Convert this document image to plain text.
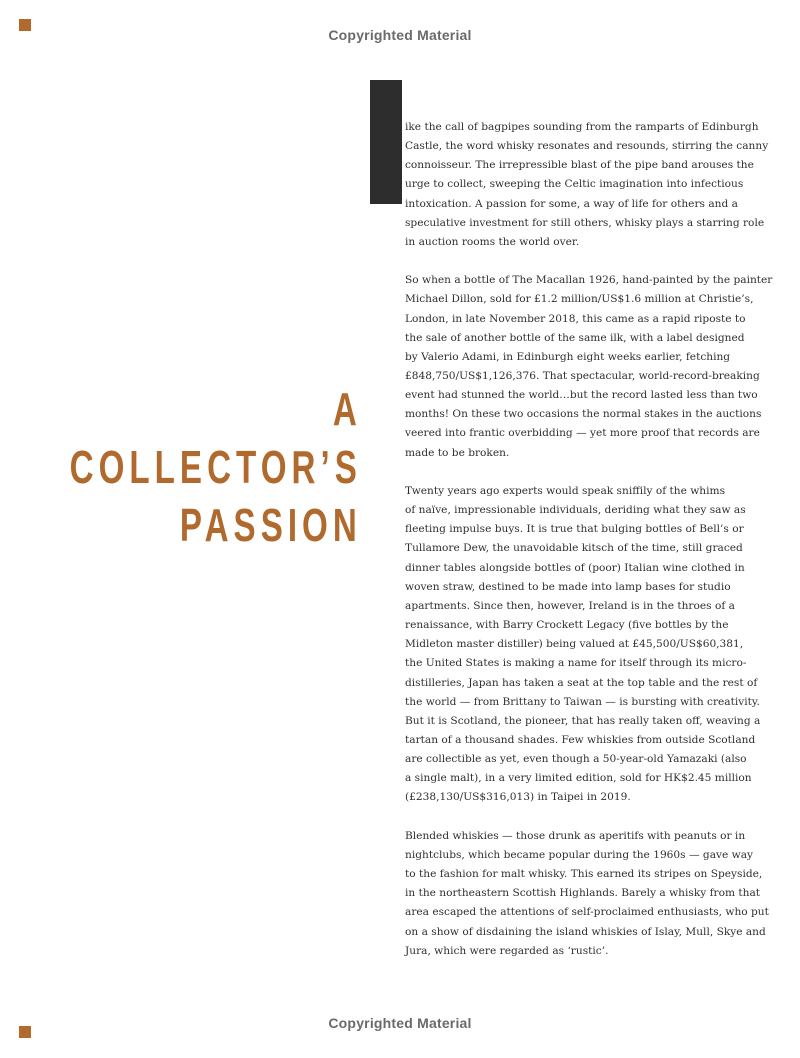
Copyrighted Material
Copyrighted Material
A
COLLECTOR’S
PASSION

ike the call of bagpipes sounding from the ramparts of Edinburgh
Castle, the word whisky resonates and resounds, stirring the canny
connoisseur. The irrepressible blast of the pipe band arouses the
urge to collect, sweeping the Celtic imagination into infectious
intoxication. A passion for some, a way of life for others and a
speculative investment for still others, whisky plays a starring role
in auction rooms the world over.

So when a bottle of The Macallan 1926, hand-painted by the painter
Michael Dillon, sold for £1.2 million/US$1.6 million at Christie’s,
London, in late November 2018, this came as a rapid riposte to
the sale of another bottle of the same ilk, with a label designed
by Valerio Adami, in Edinburgh eight weeks earlier, fetching
£848,750/US$1,126,376. That spectacular, world-record-breaking
event had stunned the world…but the record lasted less than two
months! On these two occasions the normal stakes in the auctions
veered into frantic overbidding — yet more proof that records are
made to be broken.

Twenty years ago experts would speak sniffily of the whims
of naïve, impressionable individuals, deriding what they saw as
fleeting impulse buys. It is true that bulging bottles of Bell’s or
Tullamore Dew, the unavoidable kitsch of the time, still graced
dinner tables alongside bottles of (poor) Italian wine clothed in
woven straw, destined to be made into lamp bases for studio
apartments. Since then, however, Ireland is in the throes of a
renaissance, with Barry Crockett Legacy (five bottles by the
Midleton master distiller) being valued at £45,500/US$60,381,
the United States is making a name for itself through its micro-
distilleries, Japan has taken a seat at the top table and the rest of
the world — from Brittany to Taiwan — is bursting with creativity.
But it is Scotland, the pioneer, that has really taken off, weaving a
tartan of a thousand shades. Few whiskies from outside Scotland
are collectible as yet, even though a 50-year-old Yamazaki (also
a single malt), in a very limited edition, sold for HK$2.45 million
(£238,130/US$316,013) in Taipei in 2019.

Blended whiskies — those drunk as aperitifs with peanuts or in
nightclubs, which became popular during the 1960s — gave way
to the fashion for malt whisky. This earned its stripes on Speyside,
in the northeastern Scottish Highlands. Barely a whisky from that
area escaped the attentions of self-proclaimed enthusiasts, who put
on a show of disdaining the island whiskies of Islay, Mull, Skye and
Jura, which were regarded as ‘rustic’.
